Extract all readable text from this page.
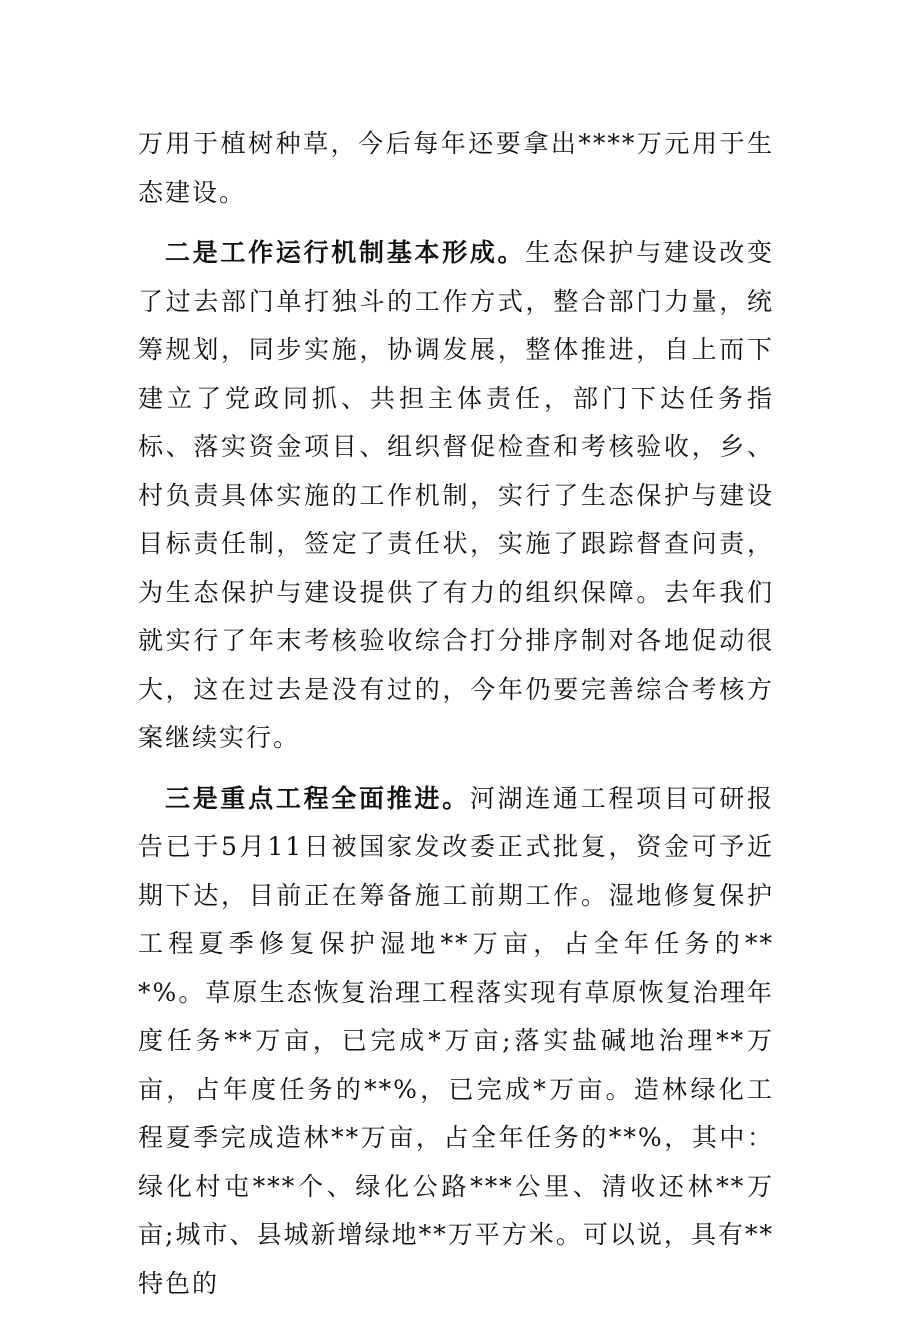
万用于植树种草，今后每年还要拿出****万元用于生态建设。

二是工作运行机制基本形成。生态保护与建设改变了过去部门单打独斗的工作方式，整合部门力量，统筹规划，同步实施，协调发展，整体推进，自上而下建立了党政同抓、共担主体责任，部门下达任务指标、落实资金项目、组织督促检查和考核验收，乡、村负责具体实施的工作机制，实行了生态保护与建设目标责任制，签定了责任状，实施了跟踪督查问责，为生态保护与建设提供了有力的组织保障。去年我们就实行了年末考核验收综合打分排序制对各地促动很大，这在过去是没有过的，今年仍要完善综合考核方案继续实行。

三是重点工程全面推进。河湖连通工程项目可研报告已于5月11日被国家发改委正式批复，资金可予近期下达，目前正在筹备施工前期工作。湿地修复保护工程夏季修复保护湿地**万亩，占全年任务的***%。草原生态恢复治理工程落实现有草原恢复治理年度任务**万亩，已完成*万亩;落实盐碱地治理**万亩，占年度任务的**%，已完成*万亩。造林绿化工程夏季完成造林**万亩，占全年任务的**%，其中：绿化村屯***个、绿化公路***公里、清收还林**万亩;城市、县城新增绿地**万平方米。可以说，具有**特色的
